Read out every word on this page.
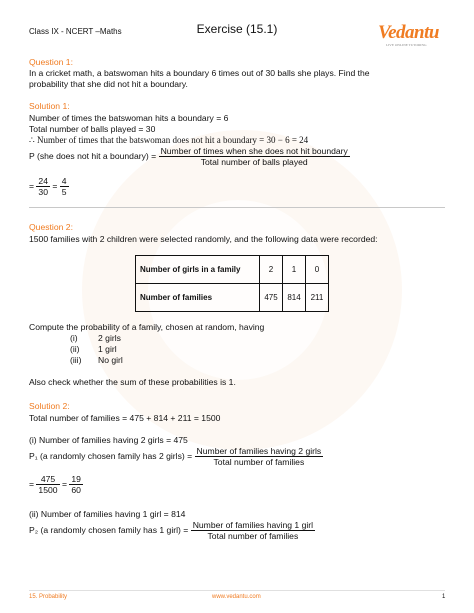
Class IX - NCERT –Maths	Exercise (15.1)	Vedantu
LIVE ONLINE TUTORING
Question 1:
In a cricket math, a batswoman hits a boundary 6 times out of 30 balls she plays. Find the
probability that she did not hit a boundary.
Solution 1:
Number of times the batswoman hits a boundary = 6
Total number of balls played = 30
∴ Number of times that the batswoman does not hit a boundary = 30 − 6 = 24
P (she does not hit a boundary) = $\frac{\text{Number of times when she does not hit boundary}}{\text{Total number of balls played}}$
= $\frac{24}{30} = \frac{4}{5}$
Question 2:
1500 families with 2 children were selected randomly, and the following data were recorded:
Number of girls in a family	2	1	0
Number of families	475	814	211
Compute the probability of a family, chosen at random, having
(i) 2 girls
(ii) 1 girl
(iii) No girl
Also check whether the sum of these probabilities is 1.
Solution 2:
Total number of families = 475 + 814 + 211 = 1500
(i) Number of families having 2 girls = 475
P₁ (a randomly chosen family has 2 girls) = $\frac{\text{Number of families having 2 girls}}{\text{Total number of families}}$
= $\frac{475}{1500} = \frac{19}{60}$
(ii) Number of families having 1 girl = 814
P₂ (a randomly chosen family has 1 girl) = $\frac{\text{Number of families having 1 girl}}{\text{Total number of families}}$
15. Probability	www.vedantu.com	1
